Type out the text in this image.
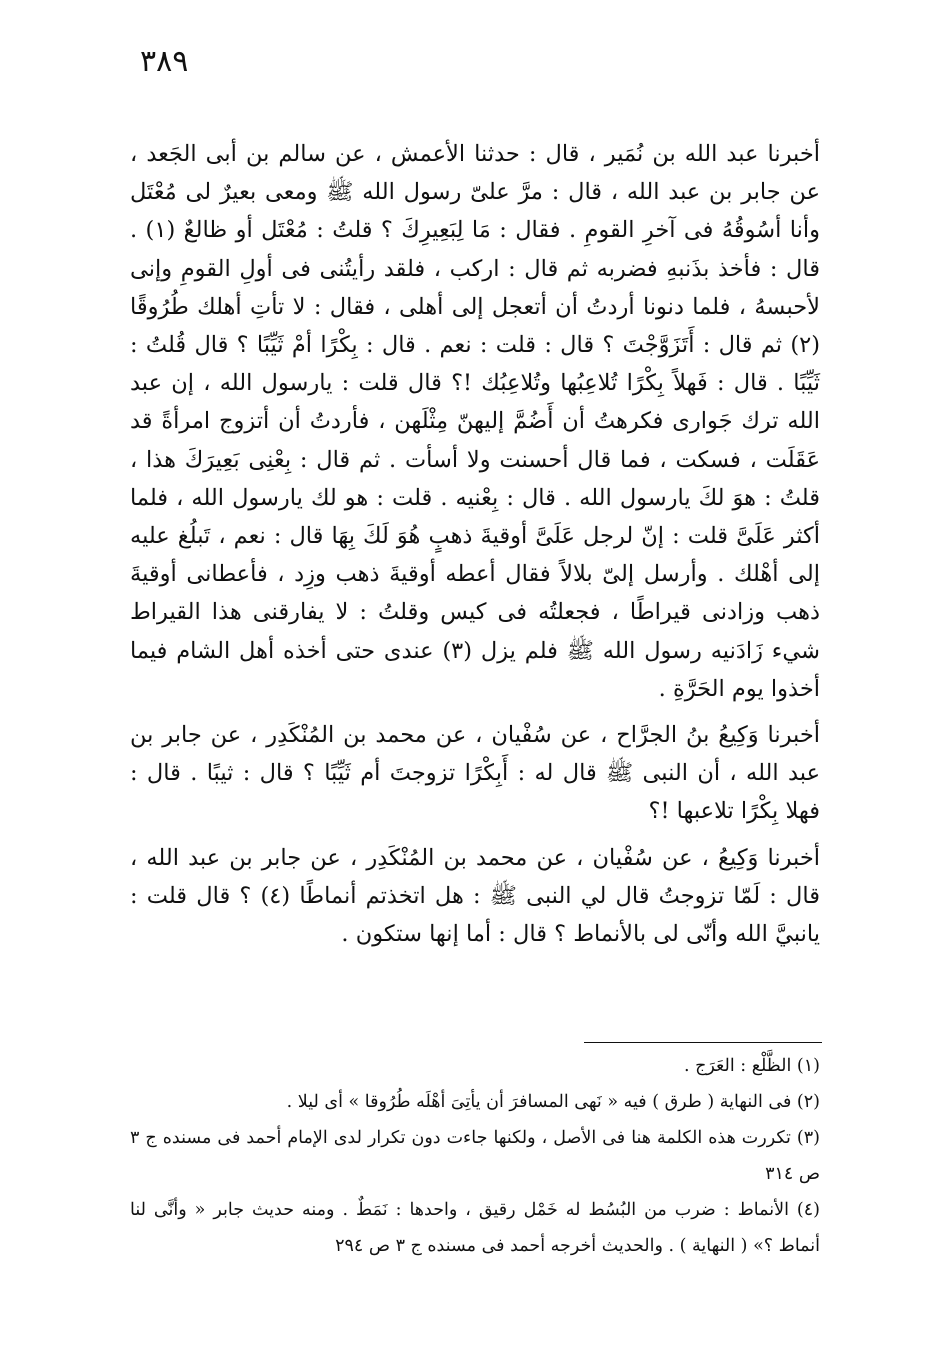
٣٨٩

أخبرنا عبد الله بن نُمَير ، قال : حدثنا الأعمش ، عن سالم بن أبى الجَعد ، عن جابر بن عبد الله ، قال : مرَّ علىّ رسول الله ﷺ ومعى بعيرٌ لى مُعْتَل وأنا أسُوقُهُ فى آخرِ القومِ . فقال : مَا لِبَعِيرِكَ ؟ قلتُ : مُعْتَل أو ظالعٌ (١) . قال : فأخذ بذَنبهِ فضربه ثم قال : اركب ، فلقد رأيتُنى فى أولِ القومِ وإنى لأحبسهُ ، فلما دنونا أردتُ أن أتعجل إلى أهلى ، فقال : لا تأتِ أهلك طُرُوقًا (٢) ثم قال : أَتَزَوَّجْتَ ؟ قال : قلت : نعم . قال : بِكْرًا أمْ ثَيِّبًا ؟ قال قُلتُ : ثَيِّبًا . قال : فَهلاً بِكْرًا تُلاعِبُها وتُلاعِبُك !؟ قال قلت : يارسول الله ، إن عبد الله ترك جَوارى فكرهتُ أن أَضُمَّ إليهنّ مِثْلَهن ، فأردتُ أن أتزوج امرأةً قد عَقَلَت ، فسكت ، فما قال أحسنت ولا أسأت . ثم قال : بِعْنِى بَعِيرَكَ هذا ، قلتُ : هوَ لكَ يارسول الله . قال : بِعْنيه . قلت : هو لك يارسول الله ، فلما أكثر عَلَىَّ قلت : إنّ لرجل عَلَىَّ أوقيةَ ذهبٍ هُوَ لَكَ بِهَا قال : نعم ، تَبلُغ عليه إلى أهْلك . وأرسل إلىّ بلالاً فقال أعطه أوقيةَ ذهب وزِد ، فأعطانى أوقيةَ ذهب وزادنى قيراطًا ، فجعلتُه فى كيس وقلتُ : لا يفارقنى هذا القيراط شيء زَادَنيه رسول الله ﷺ فلم يزل (٣) عندى حتى أخذه أهل الشام فيما أخذوا يوم الحَرَّةِ .

أخبرنا وَكِيعُ بنُ الجرَّاح ، عن سُفْيان ، عن محمد بن المُنْكَدِر ، عن جابر بن عبد الله ، أن النبى ﷺ قال له : أَبِكْرًا تزوجتَ أم ثَيِّبًا ؟ قال : ثيبًا . قال : فهلا بِكْرًا تلاعبها !؟

أخبرنا وَكِيعُ ، عن سُفْيان ، عن محمد بن المُنْكَدِر ، عن جابر بن عبد الله ، قال : لَمّا تزوجتُ قال لي النبى ﷺ : هل اتخذتم أنماطًا (٤) ؟ قال قلت : يانبيَّ الله وأنّى لى بالأنماط ؟ قال : أما إنها ستكون .

(١) الظَّلْع : العَرَج .

(٢) فى النهاية ( طرق ) فيه « نَهى المسافرَ أن يأتِىَ أهْلَه طُرُوقا » أى ليلا .

(٣) تكررت هذه الكلمة هنا فى الأصل ، ولكنها جاءت دون تكرار لدى الإمام أحمد فى مسنده ج ٣ ص ٣١٤

(٤) الأنماط : ضرب من البُسُط له خَمْل رقيق ، واحدها : نَمَطٌ . ومنه حديث جابر « وأنَّى لنا أنماط ؟» ( النهاية ) . والحديث أخرجه أحمد فى مسنده ج ٣ ص ٢٩٤
